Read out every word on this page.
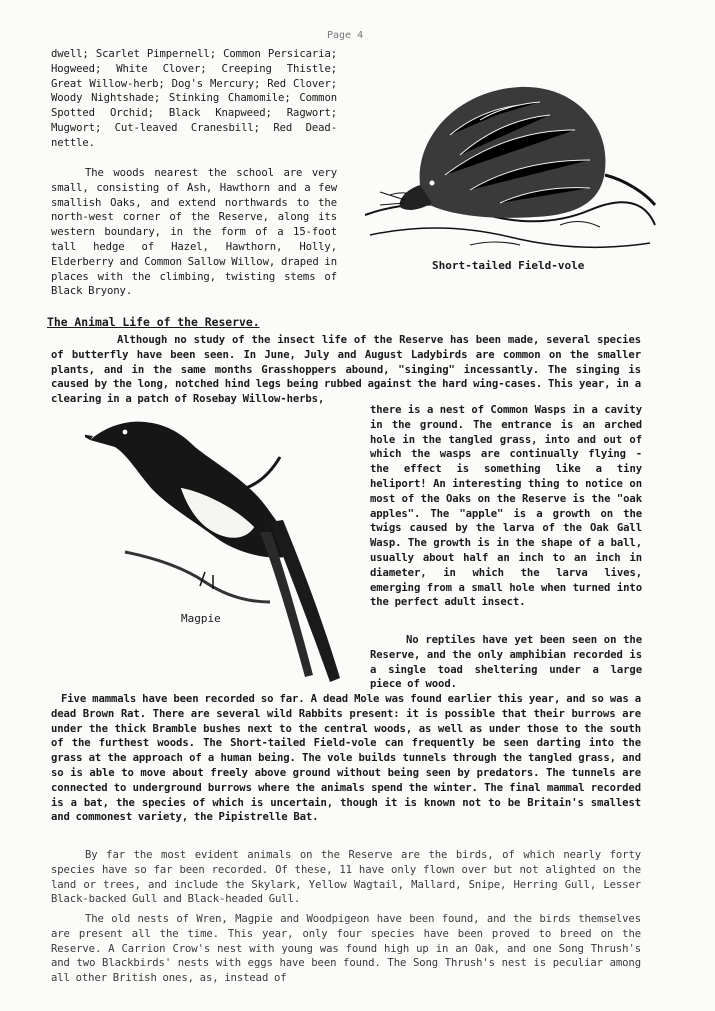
Page 4

dwell; Scarlet Pimpernell; Common Persicaria; Hogweed; White Clover; Creeping Thistle; Great Willow-herb; Dog's Mercury; Red Clover; Woody Nightshade; Stinking Chamomile; Common Spotted Orchid; Black Knapweed; Ragwort; Mugwort; Cut-leaved Cranesbill; Red Dead-nettle.

The woods nearest the school are very small, consisting of Ash, Hawthorn and a few smallish Oaks, and extend northwards to the north-west corner of the Reserve, along its western boundary, in the form of a 15-foot tall hedge of Hazel, Hawthorn, Holly, Elderberry and Common Sallow Willow, draped in places with the climbing, twisting stems of Black Bryony.

Short-tailed Field-vole
The Animal Life of the Reserve.

Although no study of the insect life of the Reserve has been made, several species of butterfly have been seen. In June, July and August Ladybirds are common on the smaller plants, and in the same months Grasshoppers abound, "singing" incessantly. The singing is caused by the long, notched hind legs being rubbed against the hard wing-cases. This year, in a clearing in a patch of Rosebay Willow-herbs,

there is a nest of Common Wasps in a cavity in the ground. The entrance is an arched hole in the tangled grass, into and out of which the wasps are continually flying - the effect is something like a tiny heliport! An interesting thing to notice on most of the Oaks on the Reserve is the "oak apples". The "apple" is a growth on the twigs caused by the larva of the Oak Gall Wasp. The growth is in the shape of a ball, usually about half an inch to an inch in diameter, in which the larva lives, emerging from a small hole when turned into the perfect adult insect.

Magpie

No reptiles have yet been seen on the Reserve, and the only amphibian recorded is a single toad sheltering under a large piece of wood.

Five mammals have been recorded so far. A dead Mole was found earlier this year, and so was a dead Brown Rat. There are several wild Rabbits present: it is possible that their burrows are under the thick Bramble bushes next to the central woods, as well as under those to the south of the furthest woods. The Short-tailed Field-vole can frequently be seen darting into the grass at the approach of a human being. The vole builds tunnels through the tangled grass, and so is able to move about freely above ground without being seen by predators. The tunnels are connected to underground burrows where the animals spend the winter. The final mammal recorded is a bat, the species of which is uncertain, though it is known not to be Britain's smallest and commonest variety, the Pipistrelle Bat.

By far the most evident animals on the Reserve are the birds, of which nearly forty species have so far been recorded. Of these, 11 have only flown over but not alighted on the land or trees, and include the Skylark, Yellow Wagtail, Mallard, Snipe, Herring Gull, Lesser Black-backed Gull and Black-headed Gull.

The old nests of Wren, Magpie and Woodpigeon have been found, and the birds themselves are present all the time. This year, only four species have been proved to breed on the Reserve. A Carrion Crow's nest with young was found high up in an Oak, and one Song Thrush's and two Blackbirds' nests with eggs have been found. The Song Thrush's nest is peculiar among all other British ones, as, instead of
